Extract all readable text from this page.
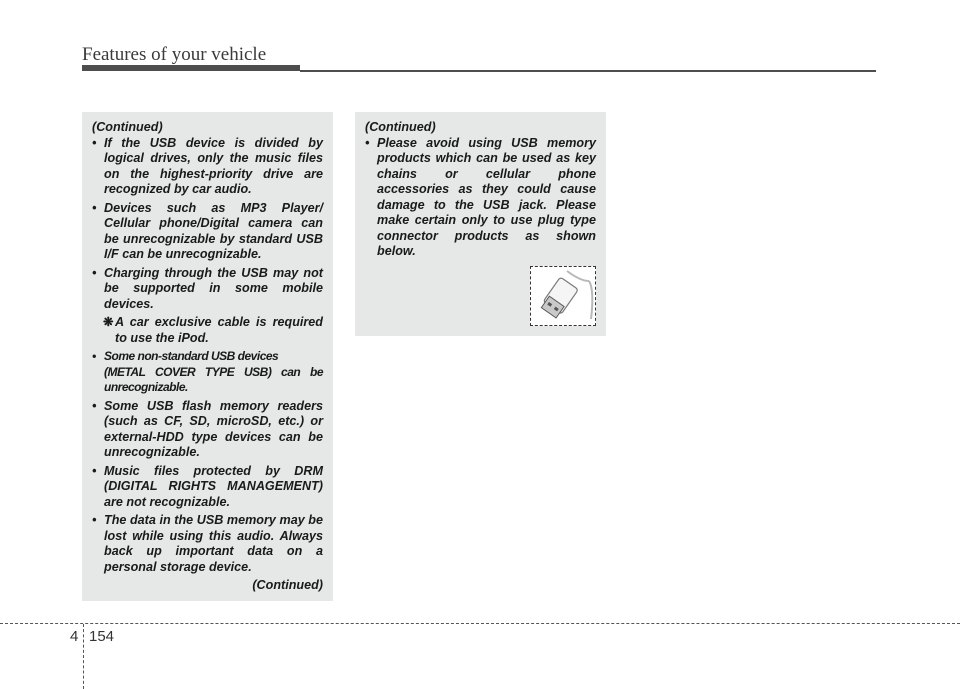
Features of your vehicle
(Continued)
• If the USB device is divided by logical drives, only the music files on the highest-priority drive are recognized by car audio.
• Devices such as MP3 Player/ Cellular phone/Digital camera can be unrecognizable by standard USB I/F can be unrecognizable.
• Charging through the USB may not be supported in some mobile devices.
❋A car exclusive cable is required to use the iPod.
• Some non-standard USB devices
(METAL COVER TYPE USB) can be unrecognizable.
• Some USB flash memory readers (such as CF, SD, microSD, etc.) or external-HDD type devices can be unrecognizable.
• Music files protected by DRM (DIGITAL RIGHTS MANAGEMENT) are not recognizable.
• The data in the USB memory may be lost while using this audio. Always back up important data on a personal storage device.
(Continued)
(Continued)
• Please avoid using USB memory products which can be used as key chains or cellular phone accessories as they could cause damage to the USB jack. Please make certain only to use plug type connector products as shown below.
4 154
